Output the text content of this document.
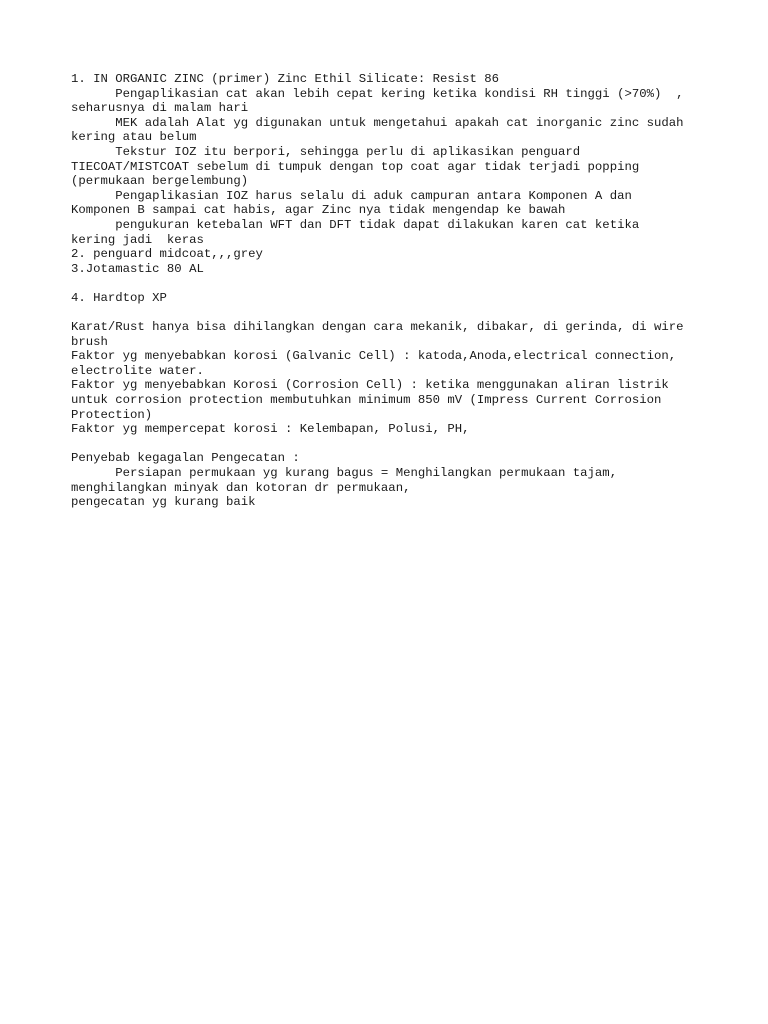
1. IN ORGANIC ZINC (primer) Zinc Ethil Silicate: Resist 86
Pengaplikasian cat akan lebih cepat kering ketika kondisi RH tinggi (>70%)  ,
seharusnya di malam hari
MEK adalah Alat yg digunakan untuk mengetahui apakah cat inorganic zinc sudah
kering atau belum
Tekstur IOZ itu berpori, sehingga perlu di aplikasikan penguard
TIECOAT/MISTCOAT sebelum di tumpuk dengan top coat agar tidak terjadi popping
(permukaan bergelembung)
Pengaplikasian IOZ harus selalu di aduk campuran antara Komponen A dan
Komponen B sampai cat habis, agar Zinc nya tidak mengendap ke bawah
pengukuran ketebalan WFT dan DFT tidak dapat dilakukan karen cat ketika
kering jadi  keras
2. penguard midcoat,,,grey
3.Jotamastic 80 AL
4. Hardtop XP
Karat/Rust hanya bisa dihilangkan dengan cara mekanik, dibakar, di gerinda, di wire
brush
Faktor yg menyebabkan korosi (Galvanic Cell) : katoda,Anoda,electrical connection,
electrolite water.
Faktor yg menyebabkan Korosi (Corrosion Cell) : ketika menggunakan aliran listrik
untuk corrosion protection membutuhkan minimum 850 mV (Impress Current Corrosion
Protection)
Faktor yg mempercepat korosi : Kelembapan, Polusi, PH,
Penyebab kegagalan Pengecatan :
Persiapan permukaan yg kurang bagus = Menghilangkan permukaan tajam,
menghilangkan minyak dan kotoran dr permukaan,
pengecatan yg kurang baik
